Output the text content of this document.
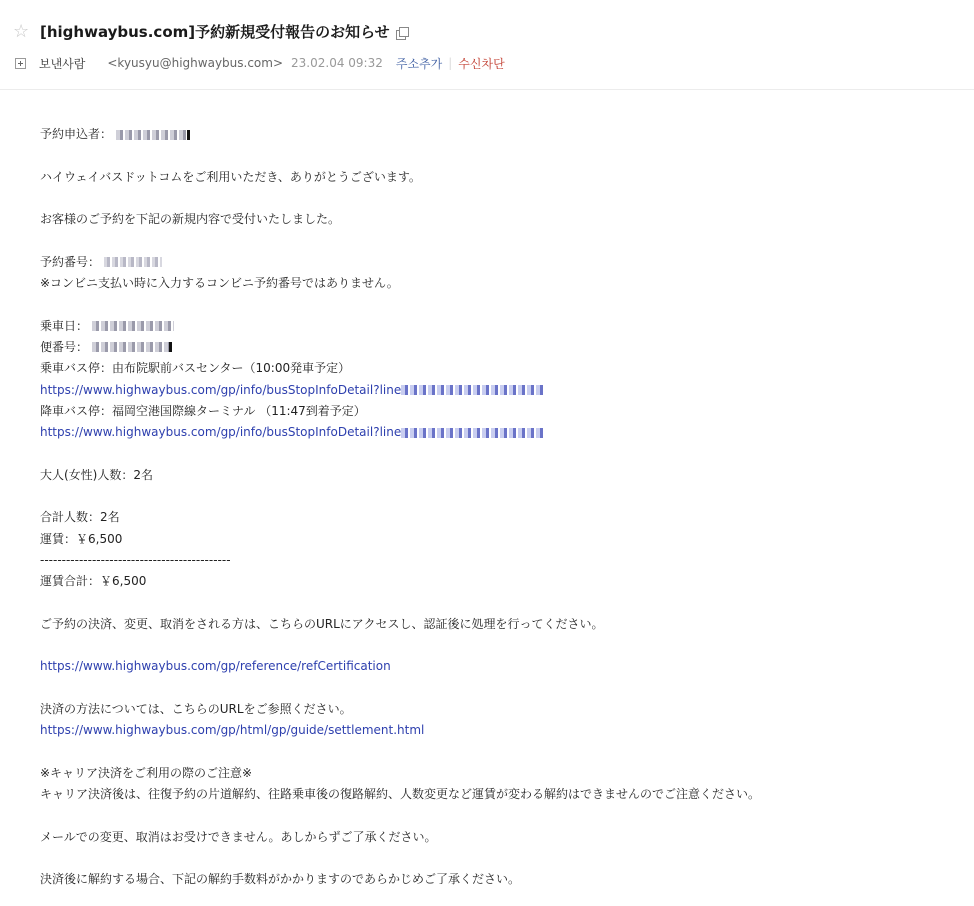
☆ [highwaybus.com]予約新規受付報告のお知らせ
보낸사람 <kyusyu@highwaybus.com> 23.02.04 09:32 주소추가 | 수신차단
予約申込者：
ハイウェイバスドットコムをご利用いただき、ありがとうございます。
お客様のご予約を下記の新規内容で受付いたしました。
予約番号：
※コンビニ支払い時に入力するコンビニ予約番号ではありません。
乗車日：
便番号：
乗車バス停：由布院駅前バスセンター（10:00発車予定）
https://www.highwaybus.com/gp/info/busStopInfoDetail?line
降車バス停：福岡空港国際線ターミナル （11:47到着予定）
https://www.highwaybus.com/gp/info/busStopInfoDetail?line
大人(女性)人数：2名
合計人数：2名
運賃：￥6,500
--------------------------------------------
運賃合計：￥6,500
ご予約の決済、変更、取消をされる方は、こちらのURLにアクセスし、認証後に処理を行ってください。
https://www.highwaybus.com/gp/reference/refCertification
決済の方法については、こちらのURLをご参照ください。
https://www.highwaybus.com/gp/html/gp/guide/settlement.html
※キャリア決済をご利用の際のご注意※
キャリア決済後は、往復予約の片道解約、往路乗車後の復路解約、人数変更など運賃が変わる解約はできませんのでご注意ください。
メールでの変更、取消はお受けできません。あしからずご了承ください。
決済後に解約する場合、下記の解約手数料がかかりますのであらかじめご了承ください。
